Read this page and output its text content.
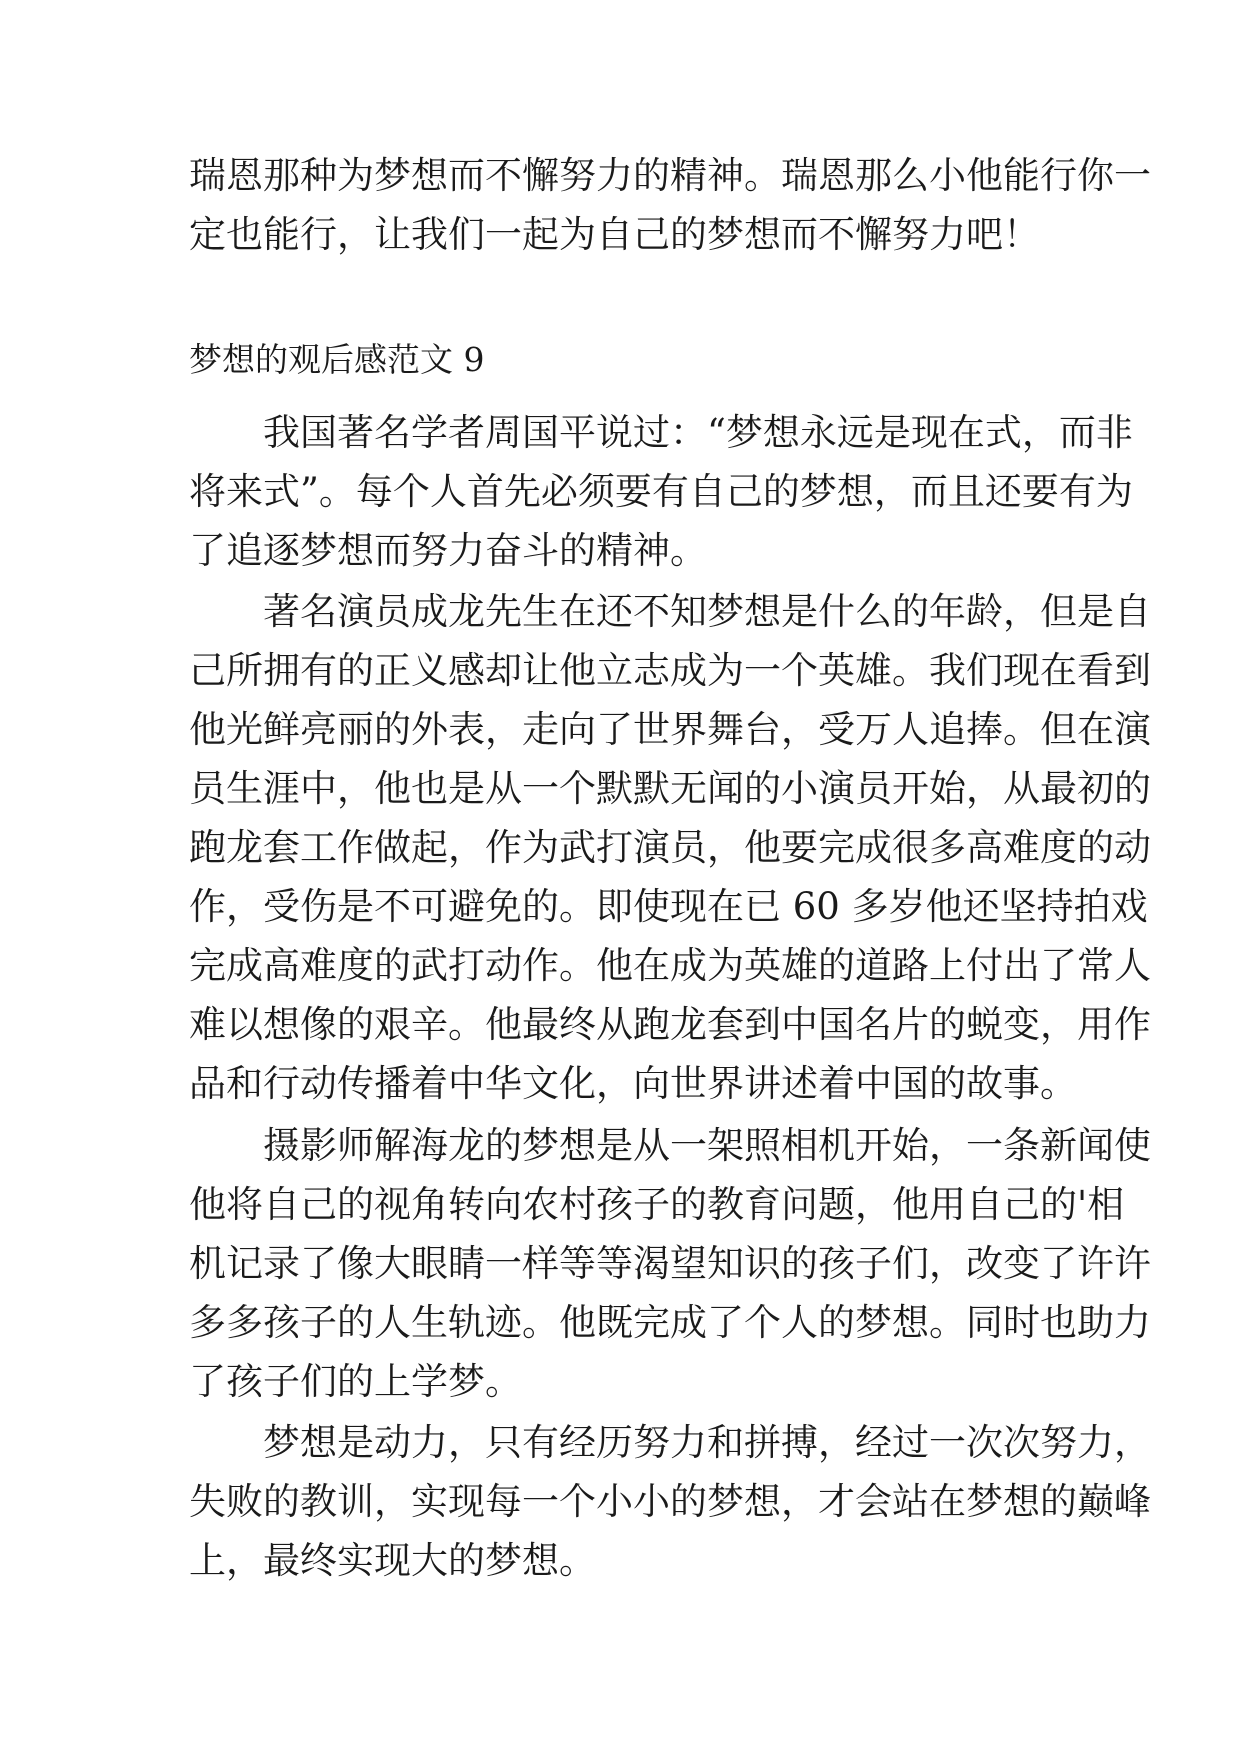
瑞恩那种为梦想而不懈努力的精神。瑞恩那么小他能行你一
定也能行，让我们一起为自己的梦想而不懈努力吧！
梦想的观后感范文 9
我国著名学者周国平说过：“梦想永远是现在式，而非
将来式”。每个人首先必须要有自己的梦想，而且还要有为
了追逐梦想而努力奋斗的精神。
著名演员成龙先生在还不知梦想是什么的年龄，但是自
己所拥有的正义感却让他立志成为一个英雄。我们现在看到
他光鲜亮丽的外表，走向了世界舞台，受万人追捧。但在演
员生涯中，他也是从一个默默无闻的小演员开始，从最初的
跑龙套工作做起，作为武打演员，他要完成很多高难度的动
作，受伤是不可避免的。即使现在已 60 多岁他还坚持拍戏
完成高难度的武打动作。他在成为英雄的道路上付出了常人
难以想像的艰辛。他最终从跑龙套到中国名片的蜕变，用作
品和行动传播着中华文化，向世界讲述着中国的故事。
摄影师解海龙的梦想是从一架照相机开始，一条新闻使
他将自己的视角转向农村孩子的教育问题，他用自己的'相
机记录了像大眼睛一样等等渴望知识的孩子们，改变了许许
多多孩子的人生轨迹。他既完成了个人的梦想。同时也助力
了孩子们的上学梦。
梦想是动力，只有经历努力和拼搏，经过一次次努力，
失败的教训，实现每一个小小的梦想，才会站在梦想的巅峰
上，最终实现大的梦想。
